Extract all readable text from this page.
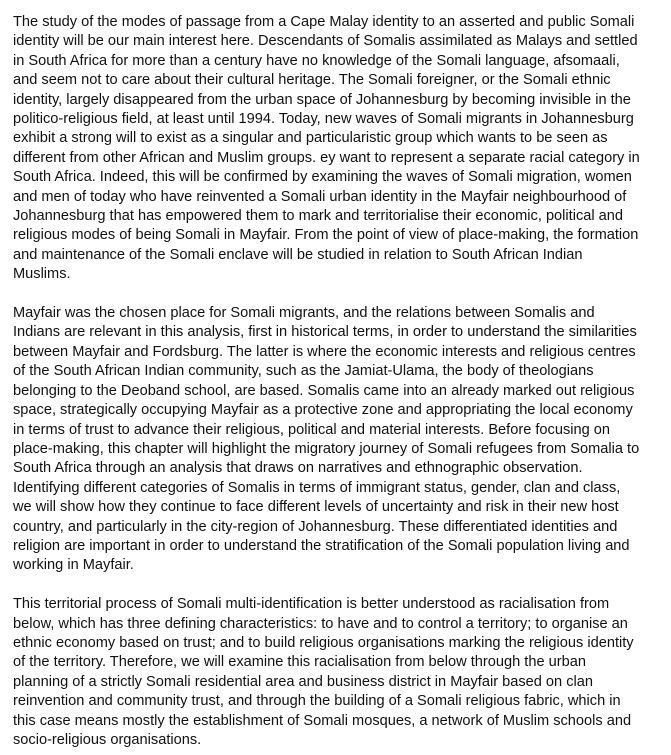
The study of the modes of passage from a Cape Malay identity to an asserted and public Somali identity will be our main interest here. Descendants of Somalis assimilated as Malays and settled in South Africa for more than a century have no knowledge of the Somali language, afsomaali, and seem not to care about their cultural heritage. The Somali foreigner, or the Somali ethnic identity, largely disappeared from the urban space of Johannesburg by becoming invisible in the politico-religious field, at least until 1994. Today, new waves of Somali migrants in Johannesburg exhibit a strong will to exist as a singular and particularistic group which wants to be seen as different from other African and Muslim groups. ey want to represent a separate racial category in South Africa. Indeed, this will be confirmed by examining the waves of Somali migration, women and men of today who have reinvented a Somali urban identity in the Mayfair neighbourhood of Johannesburg that has empowered them to mark and territorialise their economic, political and religious modes of being Somali in Mayfair. From the point of view of place-making, the formation and maintenance of the Somali enclave will be studied in relation to South African Indian Muslims.

Mayfair was the chosen place for Somali migrants, and the relations between Somalis and Indians are relevant in this analysis, first in historical terms, in order to understand the similarities between Mayfair and Fordsburg. The latter is where the economic interests and religious centres of the South African Indian community, such as the Jamiat-Ulama, the body of theologians belonging to the Deoband school, are based. Somalis came into an already marked out religious space, strategically occupying Mayfair as a protective zone and appropriating the local economy in terms of trust to advance their religious, political and material interests. Before focusing on place-making, this chapter will highlight the migratory journey of Somali refugees from Somalia to South Africa through an analysis that draws on narratives and ethnographic observation. Identifying different categories of Somalis in terms of immigrant status, gender, clan and class, we will show how they continue to face different levels of uncertainty and risk in their new host country, and particularly in the city-region of Johannesburg. These differentiated identities and religion are important in order to understand the stratification of the Somali population living and working in Mayfair.

This territorial process of Somali multi-identification is better understood as racialisation from below, which has three defining characteristics: to have and to control a territory; to organise an ethnic economy based on trust; and to build religious organisations marking the religious identity of the territory. Therefore, we will examine this racialisation from below through the urban planning of a strictly Somali residential area and business district in Mayfair based on clan reinvention and community trust, and through the building of a Somali religious fabric, which in this case means mostly the establishment of Somali mosques, a network of Muslim schools and socio-religious organisations.
